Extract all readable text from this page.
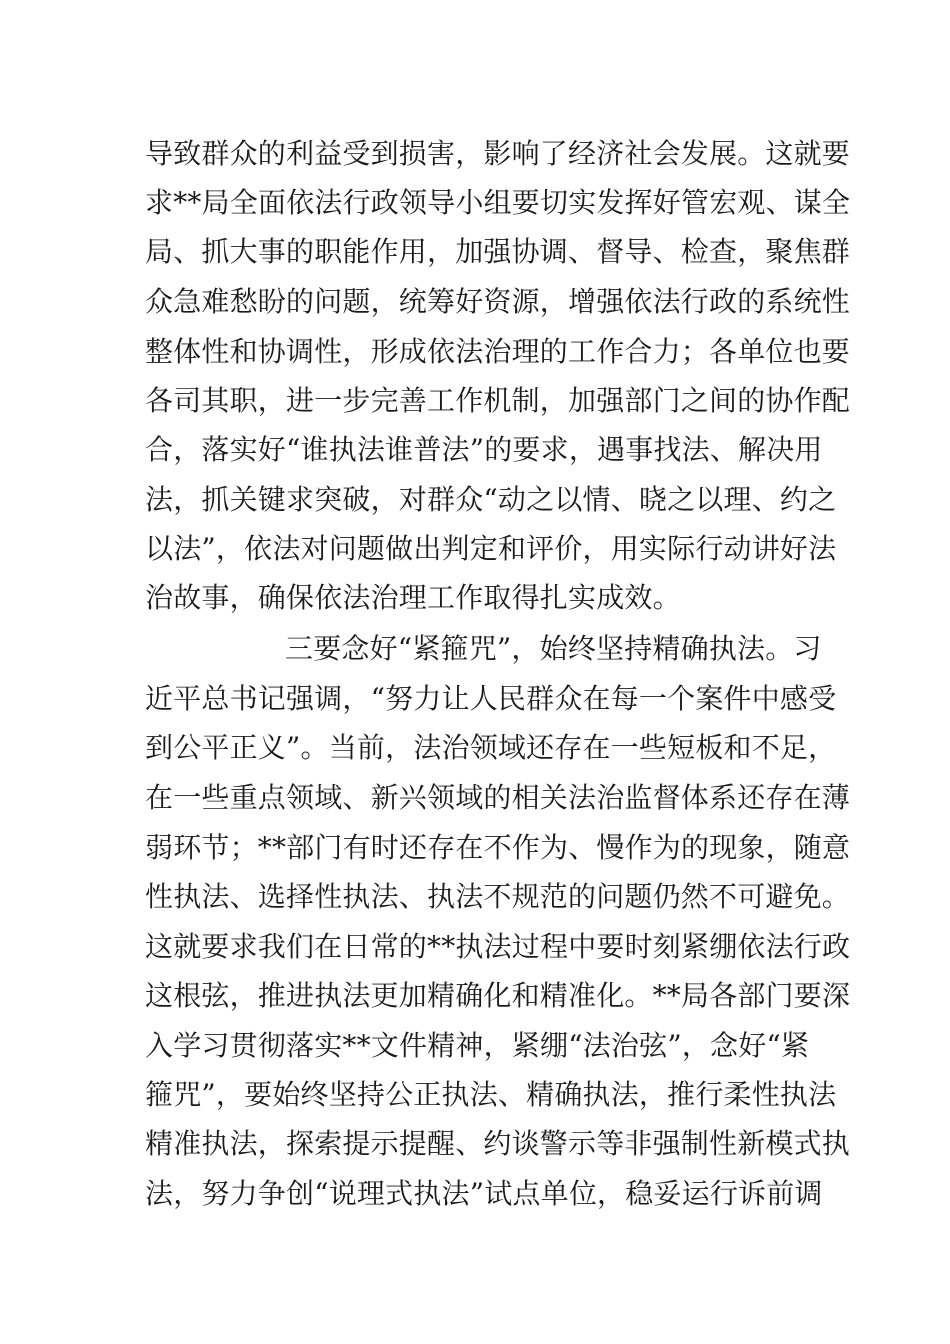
导致群众的利益受到损害，影响了经济社会发展。这就要
求**局全面依法行政领导小组要切实发挥好管宏观、谋全
局、抓大事的职能作用，加强协调、督导、检查，聚焦群
众急难愁盼的问题，统筹好资源，增强依法行政的系统性
整体性和协调性，形成依法治理的工作合力；各单位也要
各司其职，进一步完善工作机制，加强部门之间的协作配
合，落实好“谁执法谁普法”的要求，遇事找法、解决用
法，抓关键求突破，对群众“动之以情、晓之以理、约之
以法”，依法对问题做出判定和评价，用实际行动讲好法
治故事，确保依法治理工作取得扎实成效。
三要念好“紧箍咒”，始终坚持精确执法。习
近平总书记强调，“努力让人民群众在每一个案件中感受
到公平正义”。当前，法治领域还存在一些短板和不足，
在一些重点领域、新兴领域的相关法治监督体系还存在薄
弱环节；**部门有时还存在不作为、慢作为的现象，随意
性执法、选择性执法、执法不规范的问题仍然不可避免。
这就要求我们在日常的**执法过程中要时刻紧绷依法行政
这根弦，推进执法更加精确化和精准化。**局各部门要深
入学习贯彻落实**文件精神，紧绷“法治弦”，念好“紧
箍咒”，要始终坚持公正执法、精确执法，推行柔性执法
精准执法，探索提示提醒、约谈警示等非强制性新模式执
法，努力争创“说理式执法”试点单位，稳妥运行诉前调
